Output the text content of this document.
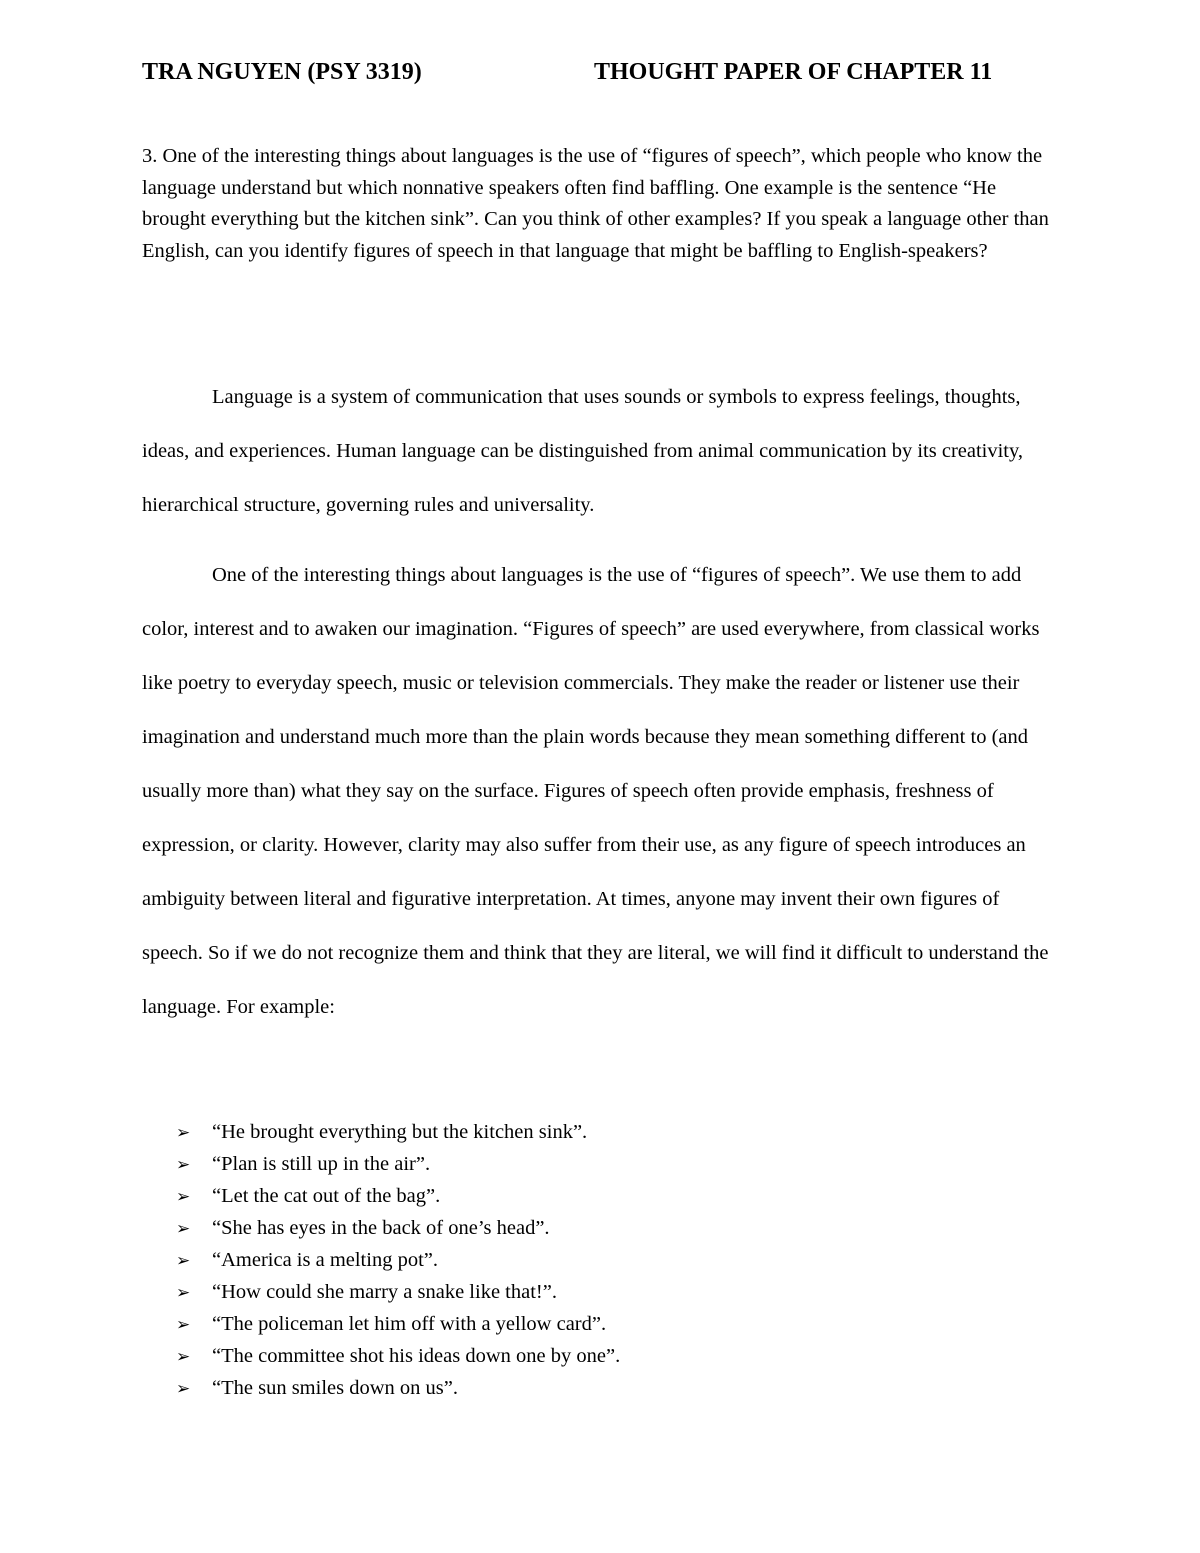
TRA NGUYEN (PSY 3319)	THOUGHT PAPER OF CHAPTER 11

3. One of the interesting things about languages is the use of “figures of speech”, which people who know the language understand but which nonnative speakers often find baffling. One example is the sentence “He brought everything but the kitchen sink”. Can you think of other examples? If you speak a language other than English, can you identify figures of speech in that language that might be baffling to English-speakers?

Language is a system of communication that uses sounds or symbols to express feelings, thoughts, ideas, and experiences. Human language can be distinguished from animal communication by its creativity, hierarchical structure, governing rules and universality.

One of the interesting things about languages is the use of “figures of speech”. We use them to add color, interest and to awaken our imagination. “Figures of speech” are used everywhere, from classical works like poetry to everyday speech, music or television commercials. They make the reader or listener use their imagination and understand much more than the plain words because they mean something different to (and usually more than) what they say on the surface. Figures of speech often provide emphasis, freshness of expression, or clarity. However, clarity may also suffer from their use, as any figure of speech introduces an ambiguity between literal and figurative interpretation. At times, anyone may invent their own figures of speech. So if we do not recognize them and think that they are literal, we will find it difficult to understand the language. For example:

➢	“He brought everything but the kitchen sink”.
➢	“Plan is still up in the air”.
➢	“Let the cat out of the bag”.
➢	“She has eyes in the back of one’s head”.
➢	“America is a melting pot”.
➢	“How could she marry a snake like that!”.
➢	“The policeman let him off with a yellow card”.
➢	“The committee shot his ideas down one by one”.
➢	“The sun smiles down on us”.
